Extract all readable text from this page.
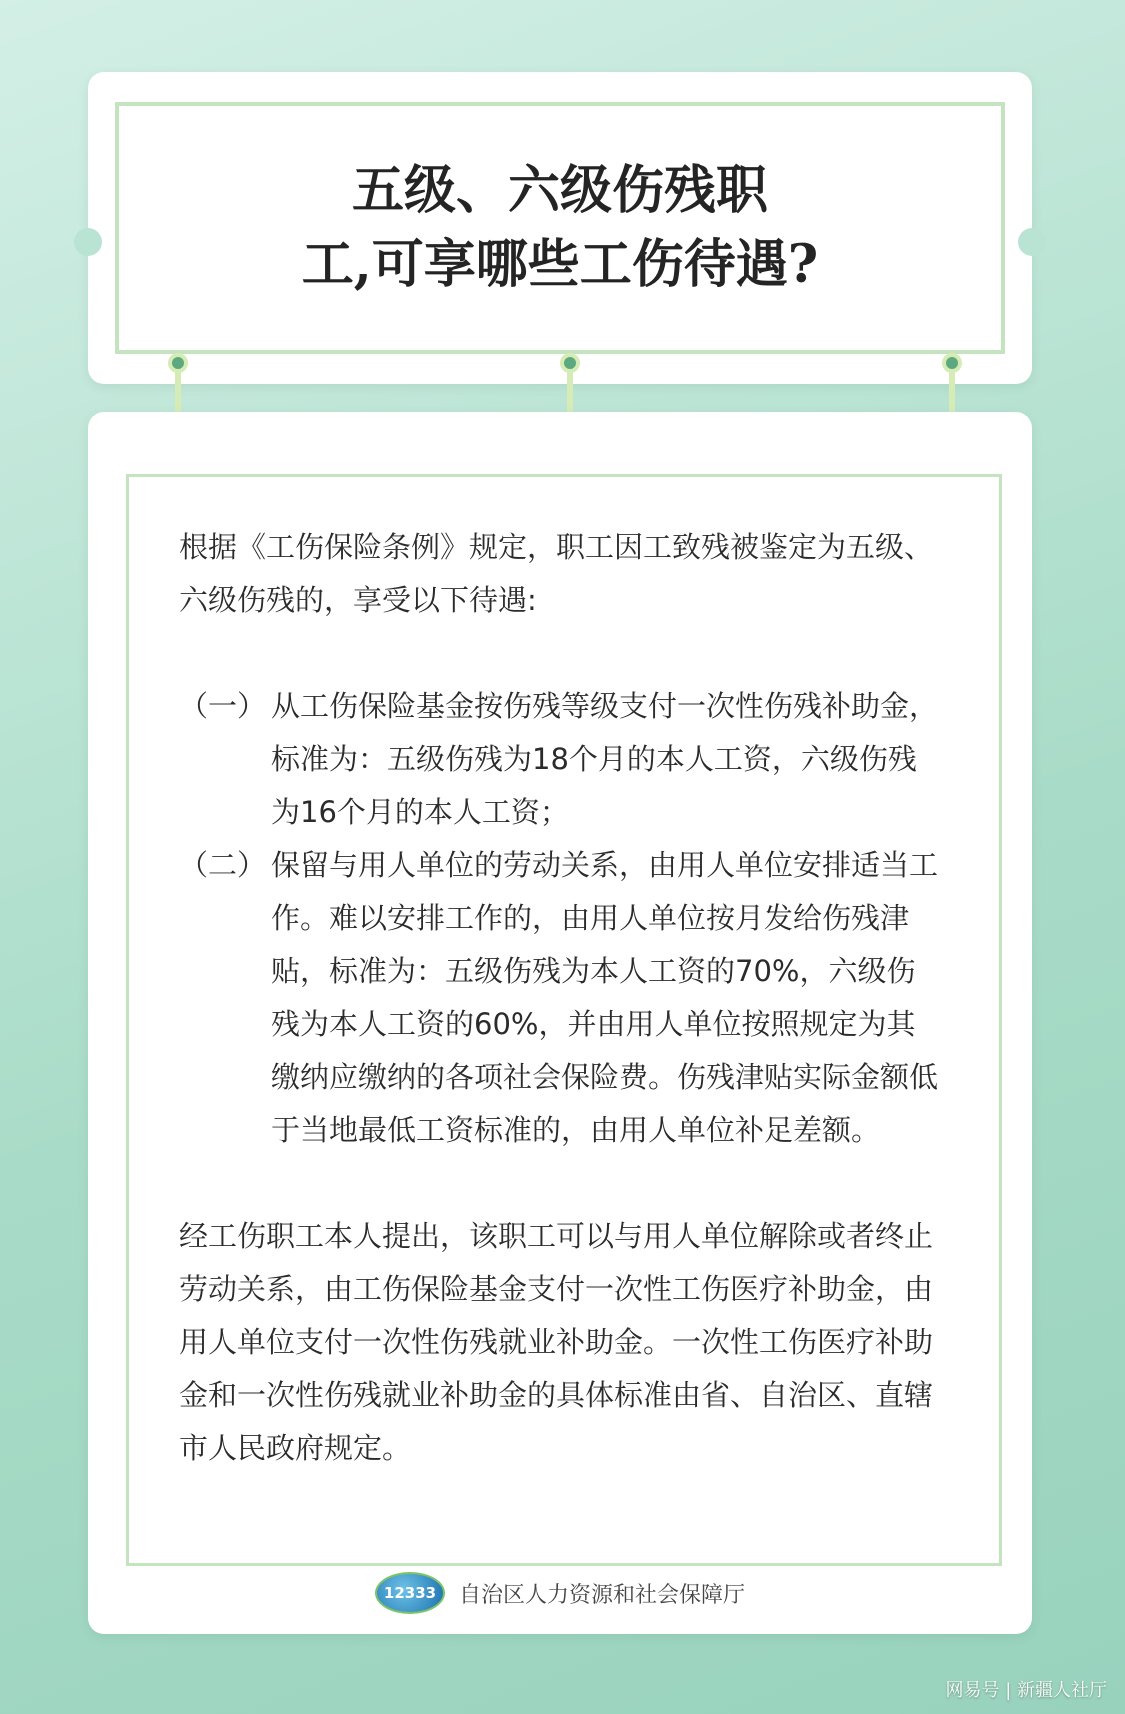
五级、六级伤残职
工,可享哪些工伤待遇?

根据《工伤保险条例》规定，职工因工致残被鉴定为五级、六级伤残的，享受以下待遇:

（一） 从工伤保险基金按伤残等级支付一次性伤残补助金，标准为：五级伤残为18个月的本人工资，六级伤残为16个月的本人工资；
（二） 保留与用人单位的劳动关系，由用人单位安排适当工作。难以安排工作的，由用人单位按月发给伤残津贴，标准为：五级伤残为本人工资的70%，六级伤残为本人工资的60%，并由用人单位按照规定为其缴纳应缴纳的各项社会保险费。伤残津贴实际金额低于当地最低工资标准的，由用人单位补足差额。

经工伤职工本人提出，该职工可以与用人单位解除或者终止劳动关系，由工伤保险基金支付一次性工伤医疗补助金，由用人单位支付一次性伤残就业补助金。一次性工伤医疗补助金和一次性伤残就业补助金的具体标准由省、自治区、直辖市人民政府规定。

12333 自治区人力资源和社会保障厅
网易号 | 新疆人社厅
